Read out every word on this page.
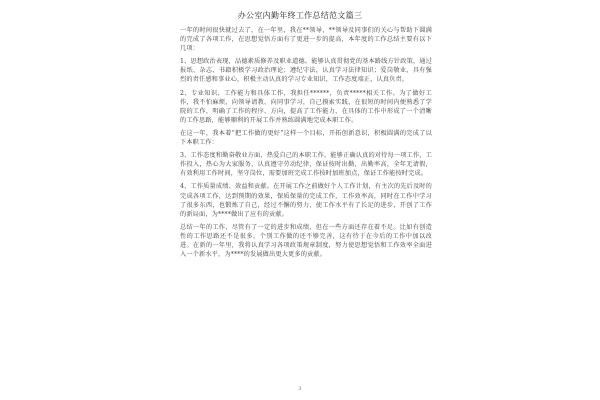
办公室内勤年终工作总结范文篇三

一年的时间很快就过去了，在一年里，我在**领导，**领导及同事们的关心与帮助下圆满的完成了各项工作，在思想觉悟方面有了更进一步的提高，本年度的工作总结主要有以下几项：

1、思想政治表现，品德素质修养及职业道德。能够认真贯彻党的基本路线方针政策，通过报纸、杂志、书籍积极学习政治理论；遵纪守法，认真学习法律知识；爱岗敬业，具有强烈的责任感和事业心，积极主动认真的学习专业知识，工作态度端正，认真负责。

2、专业知识、工作能力和具体工作，我担任******，负责*****相关工作。为了做好工作，我不怕麻烦，向领导请教、向同事学习，自己摸索实践，在很短的时间内便熟悉了学院的工作，明确了工作的程序、方向，提高了工作能力，在具体的工作中形成了一个清晰的工作思路，能够顺利的开展工作并熟练圆满地完成本职工作。

在这一年，我本着“把工作做的更好”这样一个目标，开拓创新意识，积极圆满的完成了以下本职工作：

3、工作态度和勤奋敬业方面，热爱自己的本职工作，能够正确认真的对待每一项工作，工作投入，热心为大家服务，认真遵守劳动纪律，保证按时出勤，出勤率高，全年无请假，有效利用工作时间，坚守岗位，需要加班完成工作按时加班加点，保证工作能按时完成。

4、工作质量成绩、效益和贡献。在开展工作之前做好个人工作计划，有主次的先后及时的完成各项工作，达到预期的效果，保质保量的完成工作，工作效率高，同时在工作中学习了很多东西，也锻炼了自己，经过不懈的努力，使工作水平有了长足的进步，开创了工作的新局面，为****做出了应有的贡献。

总结一年的工作，尽管有了一定的进步和成绩，但在一些方面还存在着不足。比如有创造性的工作思路还不是很多，个别工作做的还不够完善，这有待于在今后的工作中加以改进。在新的一年里，我将认真学习各项政策规章制度，努力使思想觉悟和工作效率全面进入一个新水平，为****的发展做出更大更多的贡献。

3
